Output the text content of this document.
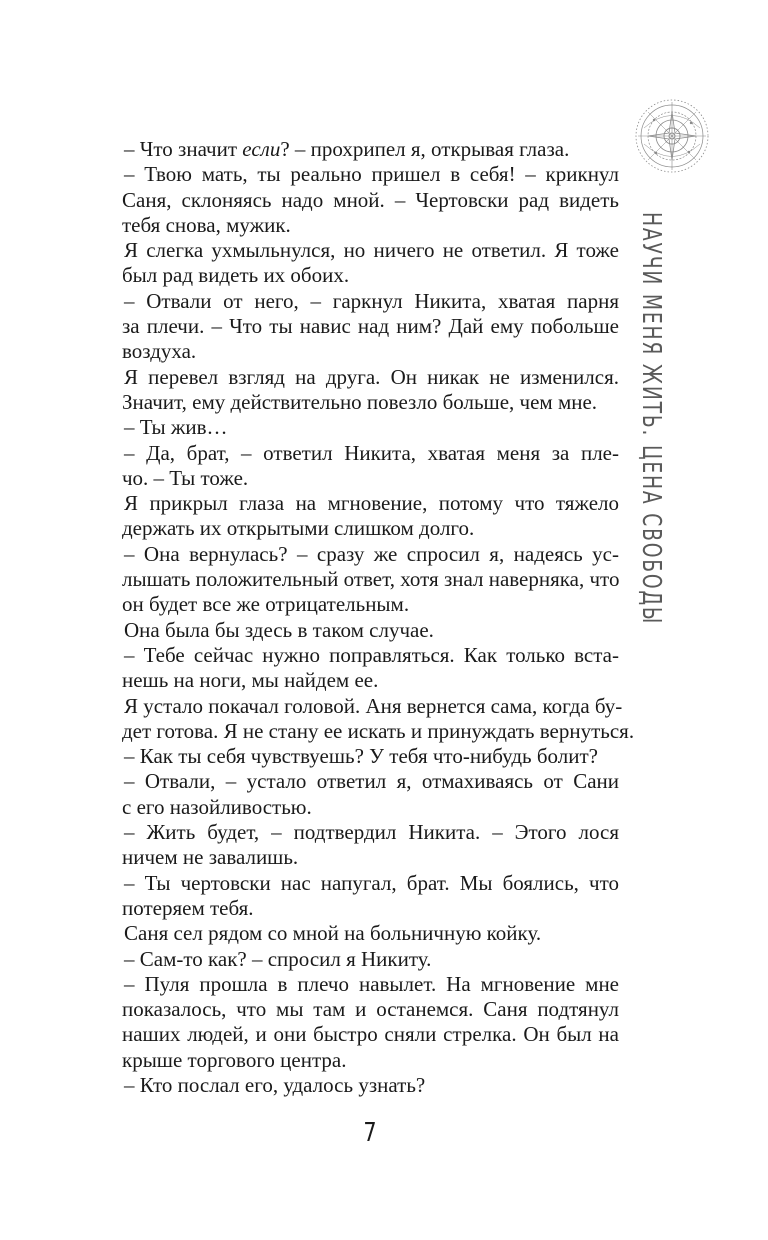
НАУЧИ МЕНЯ ЖИТЬ. ЦЕНА СВОБОДЫ
– Что значит если? – прохрипел я, открывая глаза.
– Твою мать, ты реально пришел в себя! – крикнул
Саня, склоняясь надо мной. – Чертовски рад видеть
тебя снова, мужик.
Я слегка ухмыльнулся, но ничего не ответил. Я тоже
был рад видеть их обоих.
– Отвали от него, – гаркнул Никита, хватая парня
за плечи. – Что ты навис над ним? Дай ему побольше
воздуха.
Я перевел взгляд на друга. Он никак не изменился.
Значит, ему действительно повезло больше, чем мне.
– Ты жив…
– Да, брат, – ответил Никита, хватая меня за пле-
чо. – Ты тоже.
Я прикрыл глаза на мгновение, потому что тяжело
держать их открытыми слишком долго.
– Она вернулась? – сразу же спросил я, надеясь ус-
лышать положительный ответ, хотя знал наверняка, что
он будет все же отрицательным.
Она была бы здесь в таком случае.
– Тебе сейчас нужно поправляться. Как только вста-
нешь на ноги, мы найдем ее.
Я устало покачал головой. Аня вернется сама, когда бу-
дет готова. Я не стану ее искать и принуждать вернуться.
– Как ты себя чувствуешь? У тебя что-нибудь болит?
– Отвали, – устало ответил я, отмахиваясь от Сани
с его назойливостью.
– Жить будет, – подтвердил Никита. – Этого лося
ничем не завалишь.
– Ты чертовски нас напугал, брат. Мы боялись, что
потеряем тебя.
Саня сел рядом со мной на больничную койку.
– Сам-то как? – спросил я Никиту.
– Пуля прошла в плечо навылет. На мгновение мне
показалось, что мы там и останемся. Саня подтянул
наших людей, и они быстро сняли стрелка. Он был на
крыше торгового центра.
– Кто послал его, удалось узнать?
7
